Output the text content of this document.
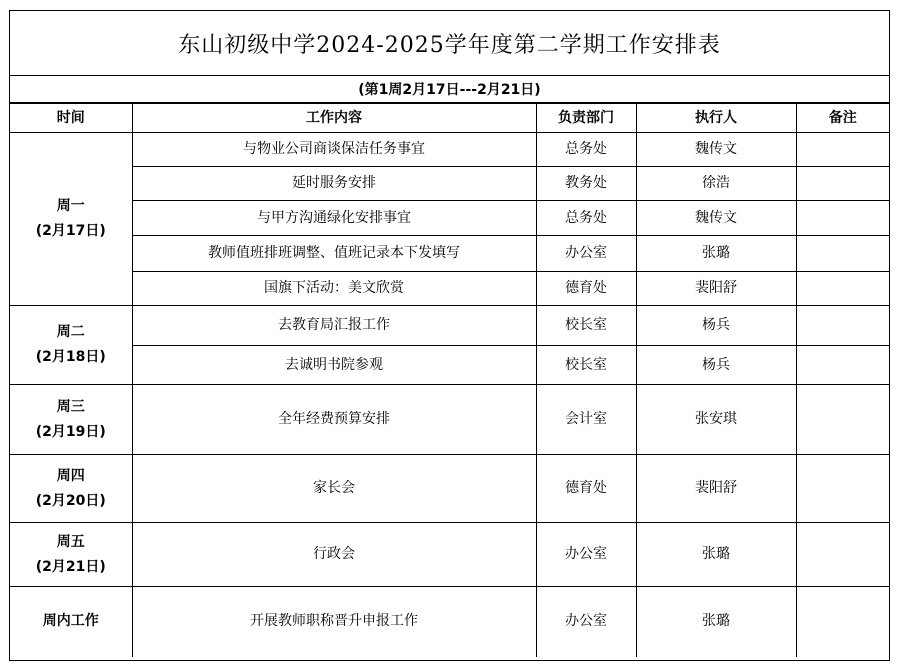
东山初级中学2024-2025学年度第二学期工作安排表
(第1周2月17日---2月21日)
时间	工作内容	负责部门	执行人	备注

周一
(2月17日)	与物业公司商谈保洁任务事宜	总务处	魏传文	
	延时服务安排	教务处	徐浩	
	与甲方沟通绿化安排事宜	总务处	魏传文	
	教师值班排班调整、值班记录本下发填写	办公室	张璐	
	国旗下活动：美文欣赏	德育处	裴阳舒	

周二
(2月18日)	去教育局汇报工作	校长室	杨兵	
	去诚明书院参观	校长室	杨兵	

周三
(2月19日)	全年经费预算安排	会计室	张安琪	

周四
(2月20日)	家长会	德育处	裴阳舒	

周五
(2月21日)	行政会	办公室	张璐	

周内工作	开展教师职称晋升申报工作	办公室	张璐	
